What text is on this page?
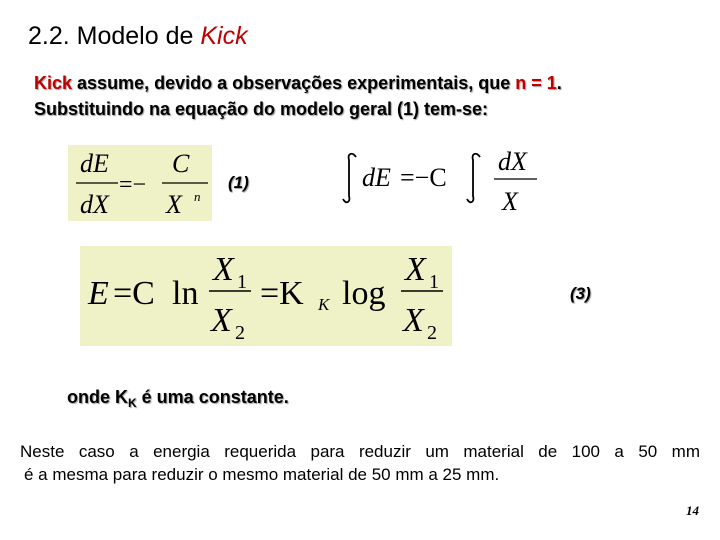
2.2. Modelo de Kick
Kick assume, devido a observações experimentais, que n = 1.
Substituindo na equação do modelo geral (1) tem-se:
dE
dX
C
X n
=−	(1)	dE =−C
dX
X
E =C ln
X 1
X 2
=K K log
X 1
X 2
(3)
onde $K_K$ é uma constante.
Neste caso a energia requerida para reduzir um material de 100 a 50 mm
é a mesma para reduzir o mesmo material de 50 mm a 25 mm.
14
